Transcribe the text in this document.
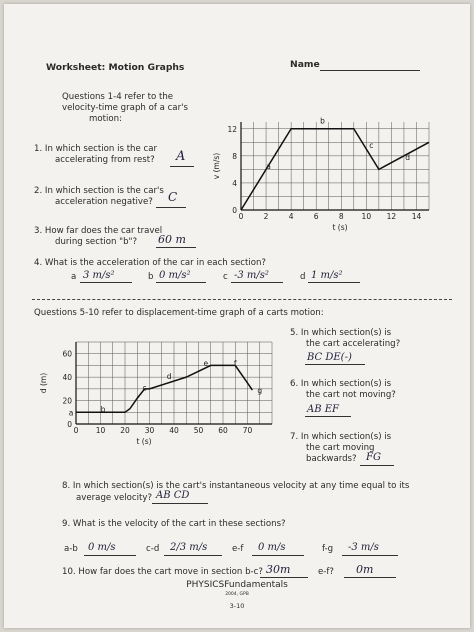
Worksheet: Motion Graphs	Name
Questions 1-4 refer to the
velocity-time graph of a car's
motion:
1. In which section is the car
accelerating from rest? A
2. In which section is the car's
acceleration negative? C
3. How far does the car travel
during section "b"? 60 m
0	2	4	6	8 10 12 14
0
4
8
12
t (s)
v (m/s)	a
b
c
d
4. What is the acceleration of the car in each section?
a 3 m/s²	b 0 m/s²	c -3 m/s²	d 1 m/s²
Questions 5-10 refer to displacement-time graph of a carts motion:
0 10 20 30 40 50 60 70
0
20
40
60
t (s)
d (m)
a	b
c
d
e	f
g
5. In which section(s) is
the cart accelerating?
BC DE(-)
6. In which section(s) is
the cart not moving?
AB EF
7. In which section(s) is
the cart moving
backwards? FG
8. In which section(s) is the cart's instantaneous velocity at any time equal to its
average velocity? AB CD
9. What is the velocity of the cart in these sections?
a-b 0 m/s	c-d 2/3 m/s	e-f 0 m/s	f-g -3 m/s
10. How far does the cart move in section b-c? 30m	e-f? 0m
PHYSICSFundamentals
2004, GPB
3-10
